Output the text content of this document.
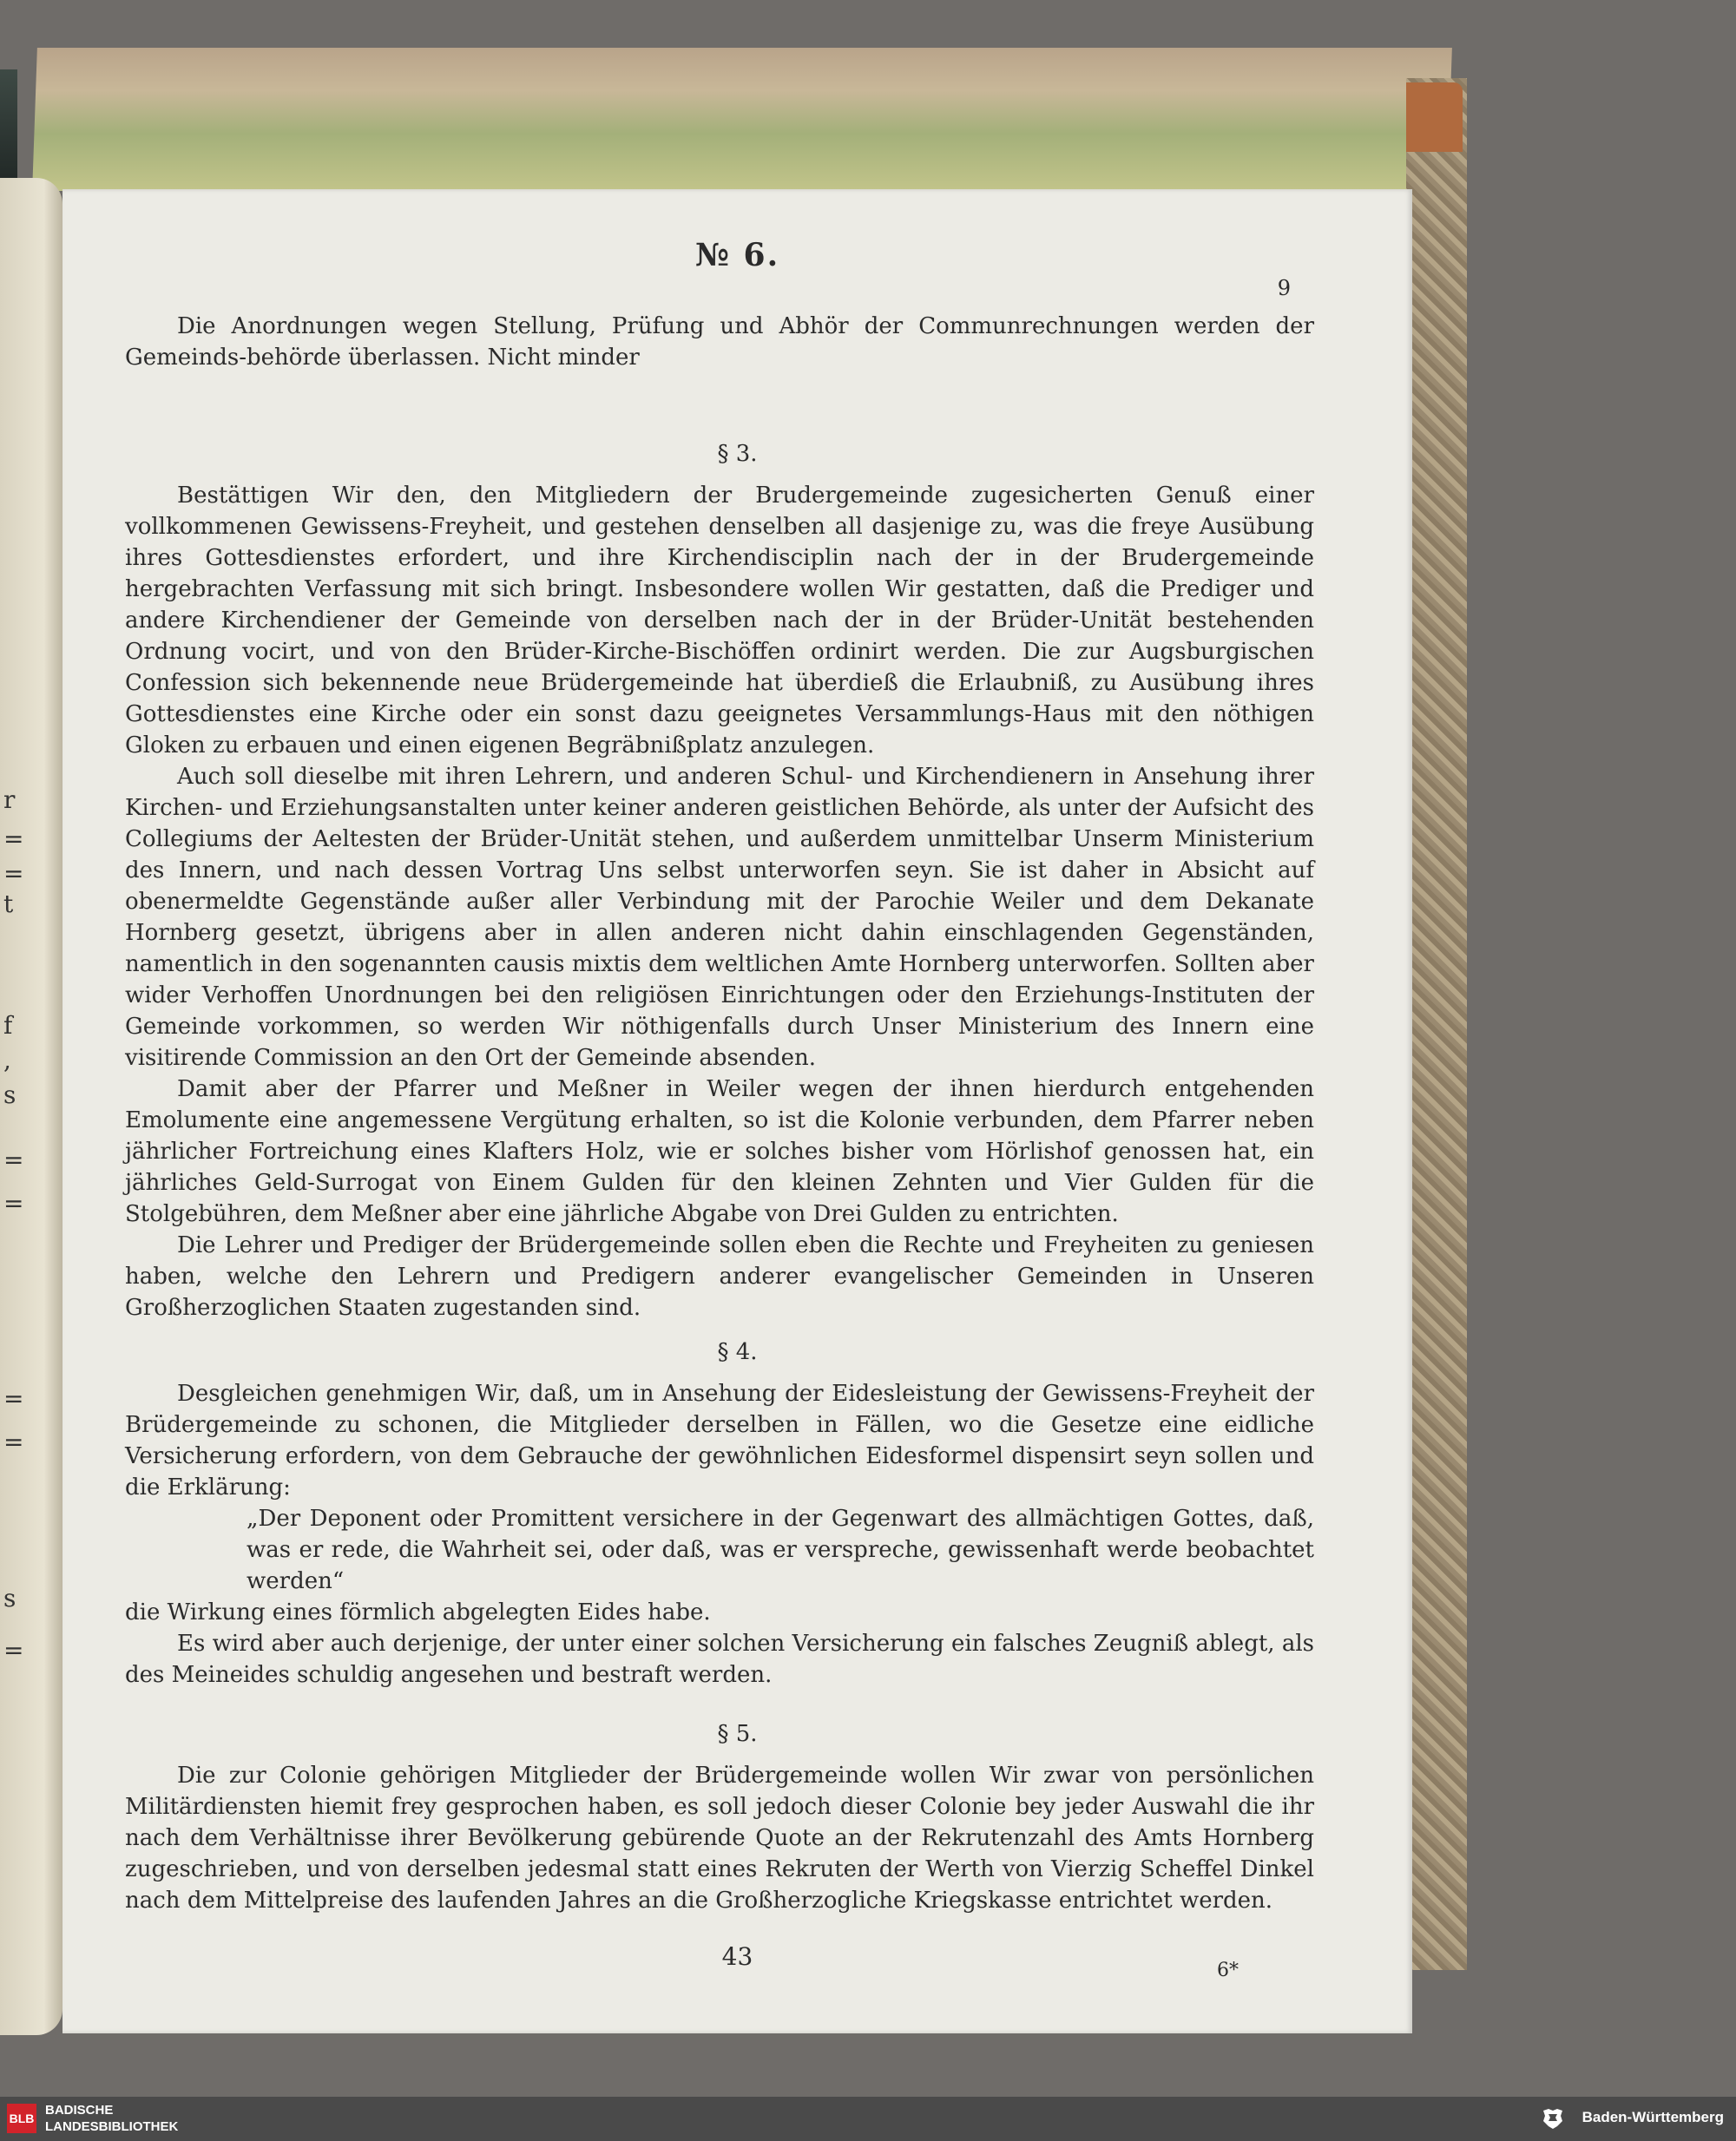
r
=
=
t
f
,
s
=
=
=
=
s
=
№ 6.
9

Die Anordnungen wegen Stellung, Prüfung und Abhör der Communrechnungen werden der Gemeinds-behörde überlassen. Nicht minder

§ 3.

Bestättigen Wir den, den Mitgliedern der Brudergemeinde zugesicherten Genuß einer vollkommenen Gewissens-Freyheit, und gestehen denselben all dasjenige zu, was die freye Ausübung ihres Gottesdienstes erfordert, und ihre Kirchendisciplin nach der in der Brudergemeinde hergebrachten Verfassung mit sich bringt. Insbesondere wollen Wir gestatten, daß die Prediger und andere Kirchendiener der Gemeinde von derselben nach der in der Brüder-Unität bestehenden Ordnung vocirt, und von den Brüder-Kirche-Bischöffen ordinirt werden. Die zur Augsburgischen Confession sich bekennende neue Brüdergemeinde hat überdieß die Erlaubniß, zu Ausübung ihres Gottesdienstes eine Kirche oder ein sonst dazu geeignetes Versammlungs-Haus mit den nöthigen Gloken zu erbauen und einen eigenen Begräbnißplatz anzulegen.

Auch soll dieselbe mit ihren Lehrern, und anderen Schul- und Kirchendienern in Ansehung ihrer Kirchen- und Erziehungsanstalten unter keiner anderen geistlichen Behörde, als unter der Aufsicht des Collegiums der Aeltesten der Brüder-Unität stehen, und außerdem unmittelbar Unserm Ministerium des Innern, und nach dessen Vortrag Uns selbst unterworfen seyn. Sie ist daher in Absicht auf obenermeldte Gegenstände außer aller Verbindung mit der Parochie Weiler und dem Dekanate Hornberg gesetzt, übrigens aber in allen anderen nicht dahin einschlagenden Gegenständen, namentlich in den sogenannten causis mixtis dem weltlichen Amte Hornberg unterworfen. Sollten aber wider Verhoffen Unordnungen bei den religiösen Einrichtungen oder den Erziehungs-Instituten der Gemeinde vorkommen, so werden Wir nöthigenfalls durch Unser Ministerium des Innern eine visitirende Commission an den Ort der Gemeinde absenden.

Damit aber der Pfarrer und Meßner in Weiler wegen der ihnen hierdurch entgehenden Emolumente eine angemessene Vergütung erhalten, so ist die Kolonie verbunden, dem Pfarrer neben jährlicher Fortreichung eines Klafters Holz, wie er solches bisher vom Hörlishof genossen hat, ein jährliches Geld-Surrogat von Einem Gulden für den kleinen Zehnten und Vier Gulden für die Stolgebühren, dem Meßner aber eine jährliche Abgabe von Drei Gulden zu entrichten.

Die Lehrer und Prediger der Brüdergemeinde sollen eben die Rechte und Freyheiten zu geniesen haben, welche den Lehrern und Predigern anderer evangelischer Gemeinden in Unseren Großherzoglichen Staaten zugestanden sind.

§ 4.

Desgleichen genehmigen Wir, daß, um in Ansehung der Eidesleistung der Gewissens-Freyheit der Brüdergemeinde zu schonen, die Mitglieder derselben in Fällen, wo die Gesetze eine eidliche Versicherung erfordern, von dem Gebrauche der gewöhnlichen Eidesformel dispensirt seyn sollen und die Erklärung:

„Der Deponent oder Promittent versichere in der Gegenwart des allmächtigen Gottes, daß, was er rede, die Wahrheit sei, oder daß, was er verspreche, gewissenhaft werde beobachtet werden“

die Wirkung eines förmlich abgelegten Eides habe.

Es wird aber auch derjenige, der unter einer solchen Versicherung ein falsches Zeugniß ablegt, als des Meineides schuldig angesehen und bestraft werden.

§ 5.

Die zur Colonie gehörigen Mitglieder der Brüdergemeinde wollen Wir zwar von persönlichen Militärdiensten hiemit frey gesprochen haben, es soll jedoch dieser Colonie bey jeder Auswahl die ihr nach dem Verhältnisse ihrer Bevölkerung gebürende Quote an der Rekrutenzahl des Amts Hornberg zugeschrieben, und von derselben jedesmal statt eines Rekruten der Werth von Vierzig Scheffel Dinkel nach dem Mittelpreise des laufenden Jahres an die Großherzogliche Kriegskasse entrichtet werden.

43	6*
BLB
BADISCHE
LANDESBIBLIOTHEK
Baden-Württemberg
